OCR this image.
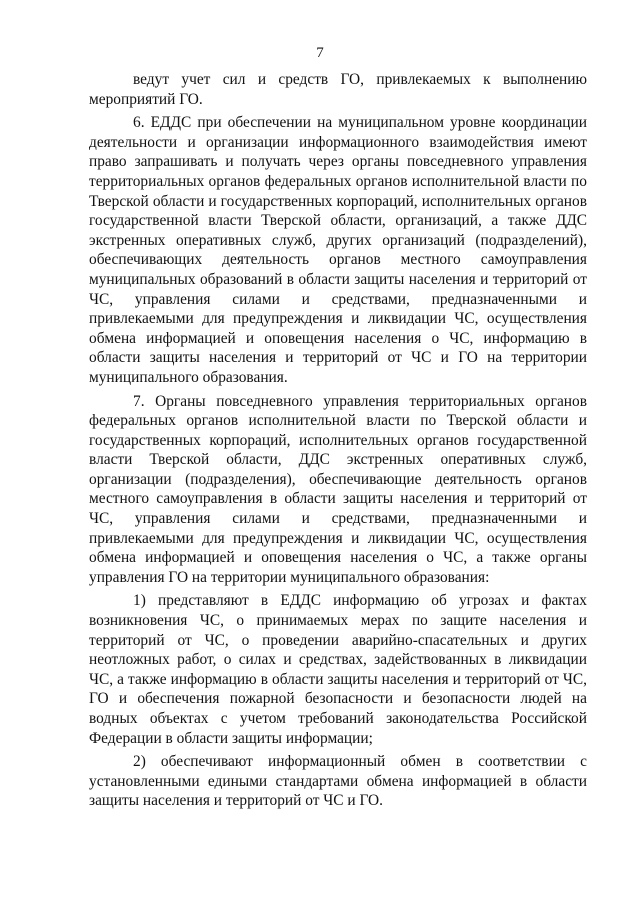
7

ведут учет сил и средств ГО, привлекаемых к выполнению мероприятий ГО.

6. ЕДДС при обеспечении на муниципальном уровне координации деятельности и организации информационного взаимодействия имеют право запрашивать и получать через органы повседневного управления территориальных органов федеральных органов исполнительной власти по Тверской области и государственных корпораций, исполнительных органов государственной власти Тверской области, организаций, а также ДДС экстренных оперативных служб, других организаций (подразделений), обеспечивающих деятельность органов местного самоуправления муниципальных образований в области защиты населения и территорий от ЧС, управления силами и средствами, предназначенными и привлекаемыми для предупреждения и ликвидации ЧС, осуществления обмена информацией и оповещения населения о ЧС, информацию в области защиты населения и территорий от ЧС и ГО на территории муниципального образования.

7. Органы повседневного управления территориальных органов федеральных органов исполнительной власти по Тверской области и государственных корпораций, исполнительных органов государственной власти Тверской области, ДДС экстренных оперативных служб, организации (подразделения), обеспечивающие деятельность органов местного самоуправления в области защиты населения и территорий от ЧС, управления силами и средствами, предназначенными и привлекаемыми для предупреждения и ликвидации ЧС, осуществления обмена информацией и оповещения населения о ЧС, а также органы управления ГО на территории муниципального образования:

1) представляют в ЕДДС информацию об угрозах и фактах возникновения ЧС, о принимаемых мерах по защите населения и территорий от ЧС, о проведении аварийно-спасательных и других неотложных работ, о силах и средствах, задействованных в ликвидации ЧС, а также информацию в области защиты населения и территорий от ЧС, ГО и обеспечения пожарной безопасности и безопасности людей на водных объектах с учетом требований законодательства Российской Федерации в области защиты информации;

2) обеспечивают информационный обмен в соответствии с установленными едиными стандартами обмена информацией в области защиты населения и территорий от ЧС и ГО.
